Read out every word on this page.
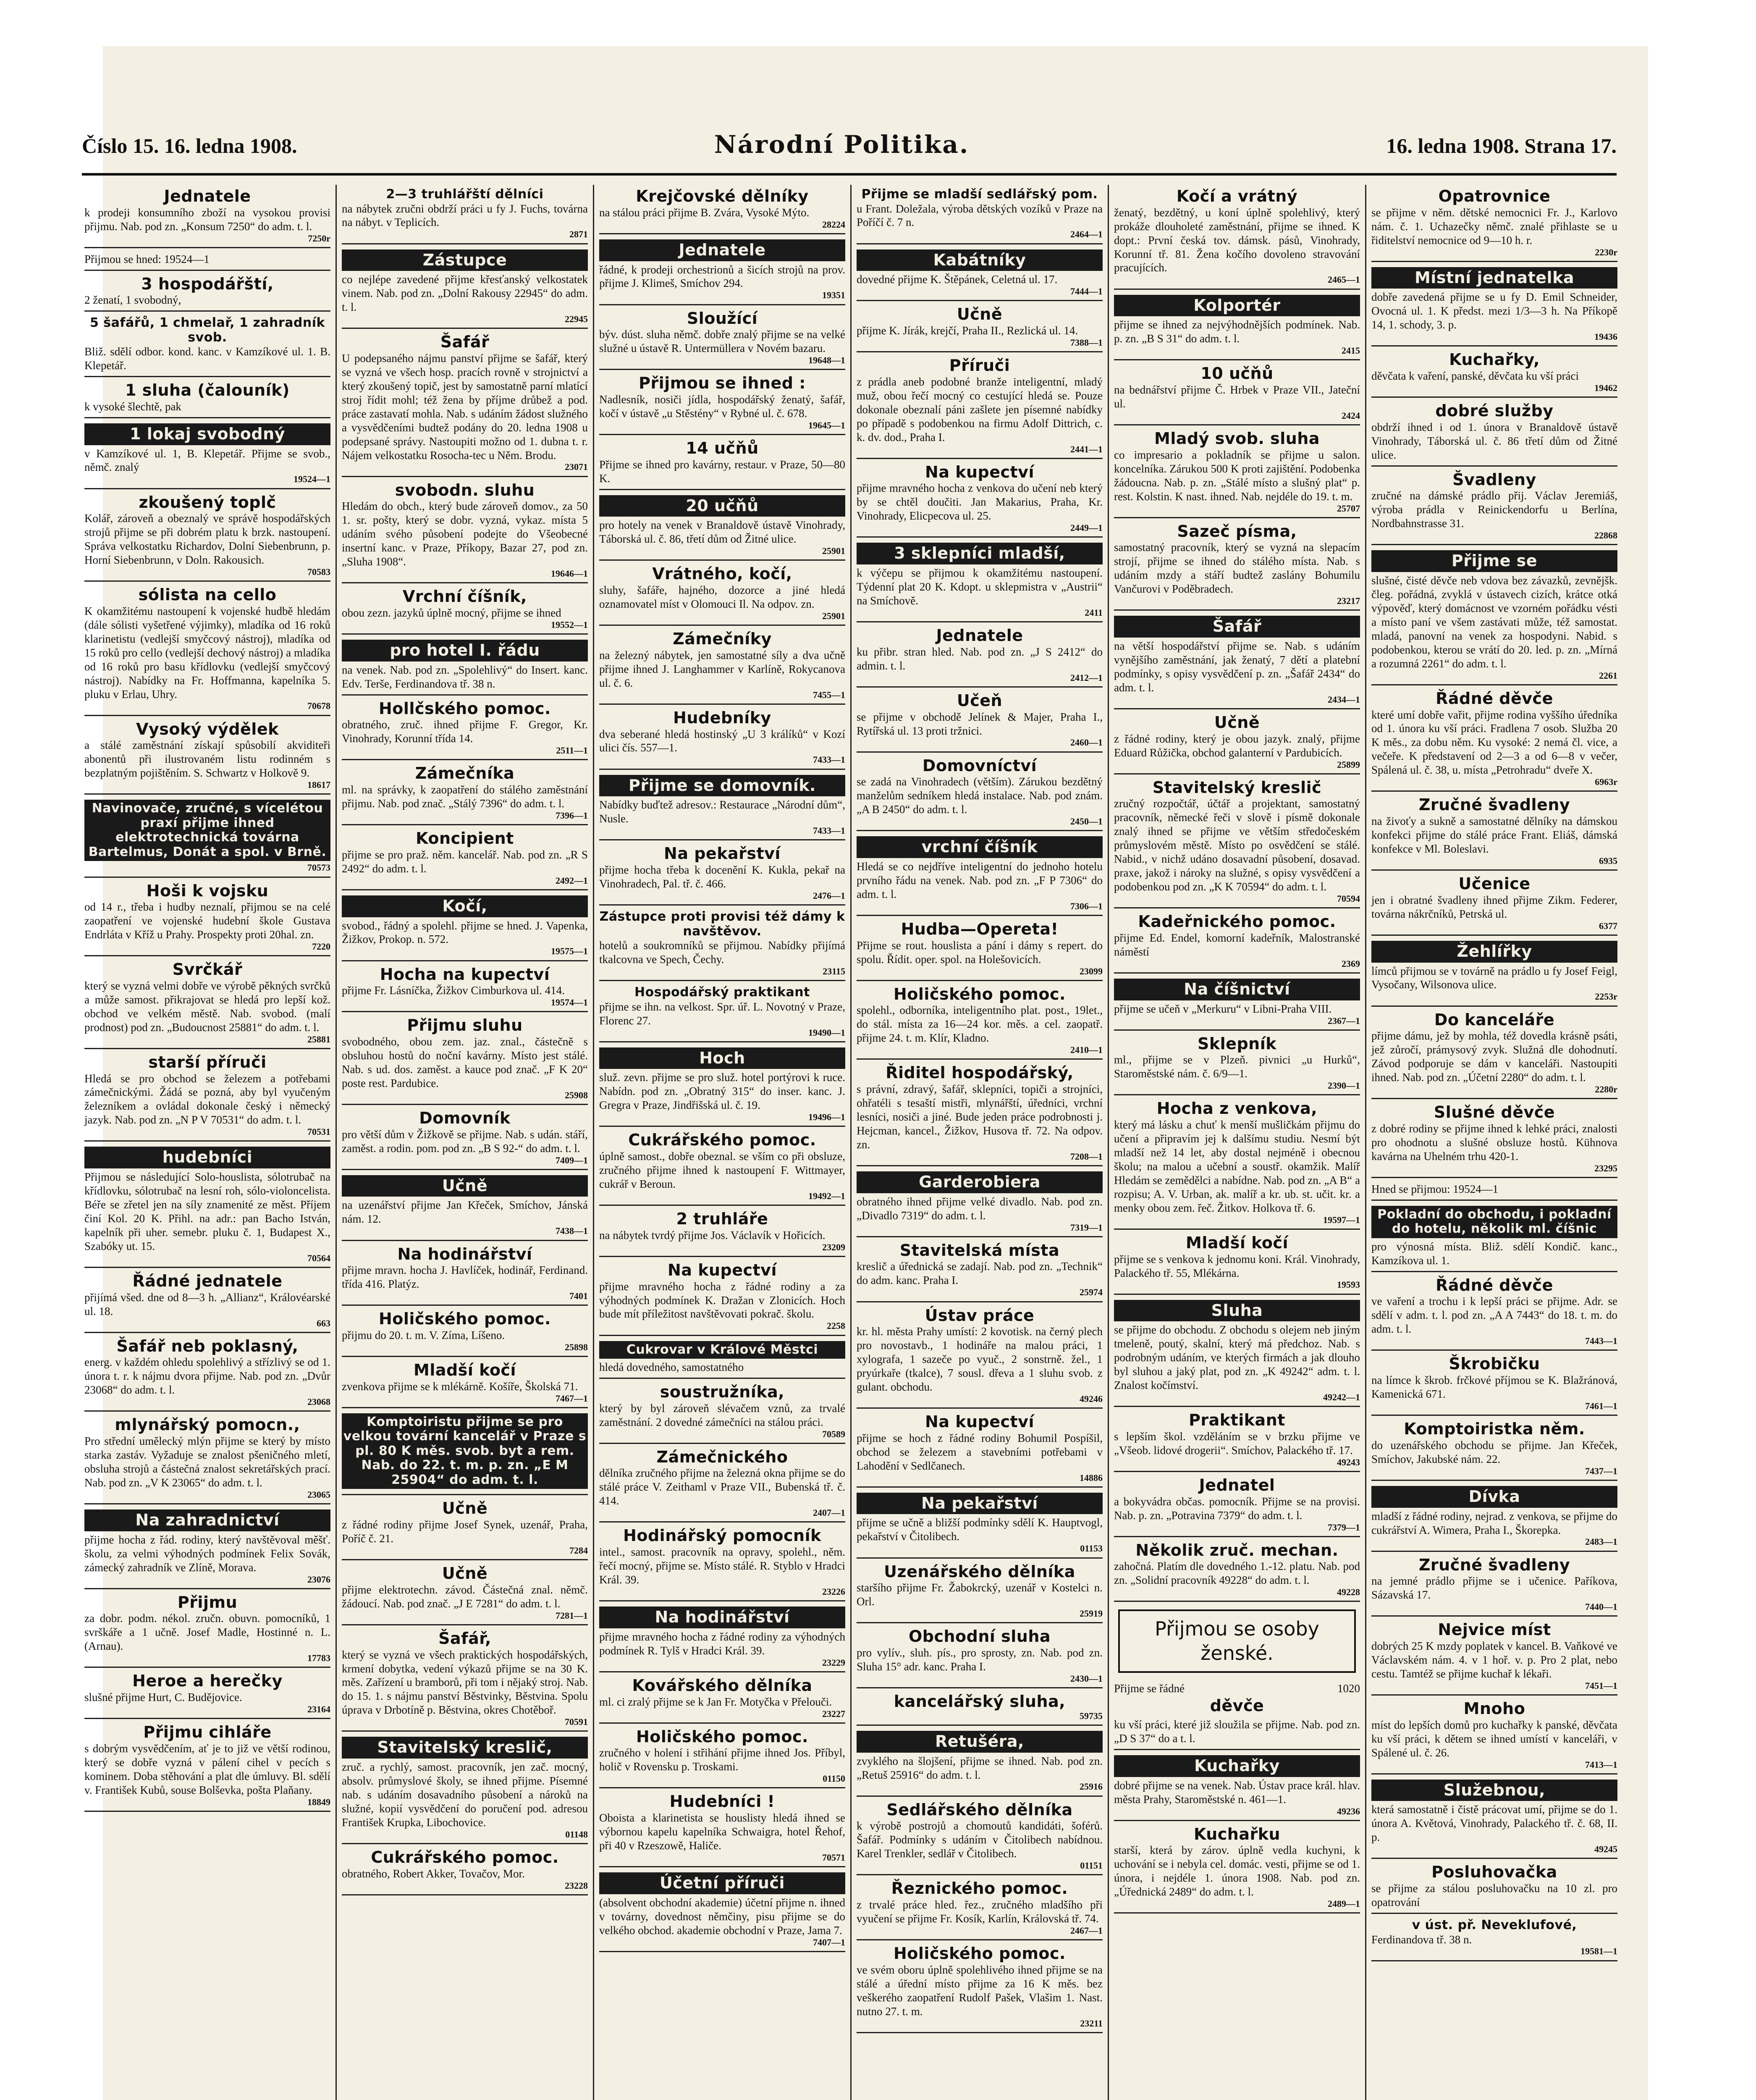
Číslo 15. 16. ledna 1908.	Národní Politika.	16. ledna 1908. Strana 17.
Jednatele
k prodeji konsumního zboží na vysokou provisi přijmu. Nab. pod zn. „Konsum 7250“ do adm. t. l.
7250r
Přijmou se hned: 19524—1
3 hospodářští,
2 ženatí, 1 svobodný,
5 šafářů, 1 chmelař, 1 zahradník svob.
Bliž. sdělí odbor. kond. kanc. v Kamzíkové ul. 1. B. Klepetář.
1 sluha (čalouník)
k vysoké šlechtě, pak
1 lokaj svobodný
v Kamzíkové ul. 1, B. Klepetář. Přijme se svob., němč. znalý
19524—1
zkoušený toplč
Kolář, zároveň a obeznalý ve správě hospodářských strojů přijme se při dobrém platu k brzk. nastoupení. Správa velkostatku Richardov, Dolní Siebenbrunn, p. Horní Siebenbrunn, v Doln. Rakousich.
70583
sólista na cello
K okamžitému nastoupení k vojenské hudbě hledám (dále sólisti vyšetřené výjimky), mladíka od 16 roků klarinetistu (vedlejší smyčcový nástroj), mladíka od 15 roků pro cello (vedlejší dechový nástroj) a mladíka od 16 roků pro basu křídlovku (vedlejší smyčcový nástroj). Nabídky na Fr. Hoffmanna, kapelníka 5. pluku v Erlau, Uhry.
70678
Vysoký výdělek
a stálé zaměstnání získají spůsobilí akviditeři abonentů při ilustrovaném listu rodinném s bezplatným pojištěním. S. Schwartz v Holkově 9.
18617
Navinovače, zručné, s vícelétou praxí přijme ihned elektrotechnická továrna Bartelmus, Donát a spol. v Brně.
70573
Hoši k vojsku
od 14 r., třeba i hudby neznalí, přijmou se na celé zaopatření ve vojenské hudební škole Gustava Endrláta v Kříž u Prahy. Prospekty proti 20hal. zn.
7220
Svrčkář
který se vyzná velmi dobře ve výrobě pěkných svrčků a může samost. přikrajovat se hledá pro lepší kož. obchod ve velkém městě. Nab. svobod. (malí prodnost) pod zn. „Budoucnost 25881“ do adm. t. l.
25881
starší příruči
Hledá se pro obchod se železem a potřebami zámečnickými. Žádá se pozná, aby byl vyučeným železníkem a ovládal dokonale český i německý jazyk. Nab. pod zn. „N P V 70531“ do adm. t. l.
70531
hudebníci
Přijmou se následující Solo-houslista, sólotrubač na křídlovku, sólotrubač na lesní roh, sólo-violoncelista. Béře se zřetel jen na síly znamenité ze měst. Příjem činí Kol. 20 K. Přihl. na adr.: pan Bacho István, kapelník při uher. semebr. pluku č. 1, Budapest X., Szabóky ut. 15.
70564
Řádné jednatele
přijímá všed. dne od 8—3 h. „Allianz“, Královéarské ul. 18.
663
Šafář neb poklasný,
energ. v každém ohledu spolehlivý a střízlivý se od 1. února t. r. k nájmu dvora přijme. Nab. pod zn. „Dvůr 23068“ do adm. t. l.
23068
mlynářský pomocn.,
Pro střední umělecký mlýn přijme se který by místo starka zastáv. Vyžaduje se znalost pšeničného mletí, obsluha strojů a částečná znalost sekretářských prací. Nab. pod zn. „V K 23065“ do adm. t. l.
23065
Na zahradnictví
přijme hocha z řád. rodiny, který navštěvoval měšť. školu, za velmi výhodných podmínek Felix Sovák, zámecký zahradník ve Zlíně, Morava.
23076
Přijmu
za dobr. podm. nékol. zručn. obuvn. pomocníků, 1 svrškáře a 1 učně. Josef Madle, Hostinné n. L. (Arnau).
17783
Heroe a herečky
slušné přijme Hurt, C. Budějovice.
23164
Přijmu cihláře
s dobrým vysvědčením, ať je to již ve větší rodinou, který se dobře vyzná v pálení cihel v pecích s kominem. Doba stěhování a plat dle úmluvy. Bl. sdělí v. František Kubů, souse Bolševka, pošta Plaňany.
18849
2—3 truhlářští dělníci
na nábytek zručni obdrží práci u fy J. Fuchs, továrna na nábyt. v Teplicích.
2871
Zástupce
co nejlépe zavedené přijme křesťanský velkostatek vinem. Nab. pod zn. „Dolní Rakousy 22945“ do adm. t. l.
22945
Šafář
U podepsaného nájmu panství přijme se šafář, který se vyzná ve všech hosp. pracích rovně v strojnictví a který zkoušený topič, jest by samostatně parní mlatící stroj řídit mohl; též žena by příjme drůbež a pod. práce zastavatí mohla. Nab. s udáním žádost služného a vysvědčeními budtež podány do 20. ledna 1908 u podepsané správy. Nastoupiti možno od 1. dubna t. r. Nájem velkostatku Rosocha-tec u Něm. Brodu.
23071
svobodn. sluhu
Hledám do obch., který bude zároveň domov., za 50 1. sr. pošty, který se dobr. vyzná, vykaz. místa 5 udáním svého působení podejte do Všeobecné insertní kanc. v Praze, Příkopy, Bazar 27, pod zn. „Sluha 1908“.
19646—1
Vrchní číšník,
obou zezn. jazyků úplně mocný, přijme se ihned
19552—1
pro hotel I. řádu
na venek. Nab. pod zn. „Spolehlivý“ do Insert. kanc. Edv. Terše, Ferdinandova tř. 38 n.
Hollčského pomoc.
obratného, zruč. ihned přijme F. Gregor, Kr. Vinohrady, Korunní třída 14.
2511—1
Zámečníka
ml. na správky, k zaopatření do stálého zaměstnání přijmu. Nab. pod znač. „Stálý 7396“ do adm. t. l.
7396—1
Koncipient
přijme se pro praž. něm. kancelář. Nab. pod zn. „R S 2492“ do adm. t. l.
2492—1
Kočí,
svobod., řádný a spolehl. přijme se hned. J. Vapenka, Žižkov, Prokop. n. 572.
19575—1
Hocha na kupectví
přijme Fr. Lásníčka, Žižkov Cimburkova ul. 414.
19574—1
Přijmu sluhu
svobodného, obou zem. jaz. znal., částečně s obsluhou hostů do noční kavárny. Místo jest stálé. Nab. s ud. dos. zaměst. a kauce pod znač. „F K 20“ poste rest. Pardubice.
25908
Domovník
pro větší dům v Žižkově se přijme. Nab. s udán. stáří, zaměst. a rodin. pom. pod zn. „B S 92-“ do adm. t. l.
7409—1
Učně
na uzenářství přijme Jan Křeček, Smíchov, Jánská nám. 12.
7438—1
Na hodinářství
přijme mravn. hocha J. Havlíček, hodinář, Ferdinand. třída 416. Platýz.
7401
Holičského pomoc.
přijmu do 20. t. m. V. Zíma, Líšeno.
25898
Mladší kočí
zvenkova přijme se k mlékárně. Košíře, Školská 71.
7467—1
Komptoiristu přijme se pro velkou tovární kancelář v Praze s pl. 80 K měs. svob. byt a rem. Nab. do 22. t. m. p. zn. „E M 25904“ do adm. t. l.
Učně
z řádné rodiny přijme Josef Synek, uzenář, Praha, Poříč č. 21.
7284
Učně
přijme elektrotechn. závod. Částečná znal. němč. žádoucí. Nab. pod znač. „J E 7281“ do adm. t. l.
7281—1
Šafář,
který se vyzná ve všech praktických hospodářských, krmení dobytka, vedení výkazů přijme se na 30 K. měs. Zařízení u bramborů, při tom i nějaký stroj. Nab. do 15. 1. s nájmu panství Běstvinky, Běstvina. Spolu úprava v Drbotíně p. Běstvina, okres Chotěboř.
70591
Stavitelský kreslič,
zruč. a rychlý, samost. pracovník, jen zač. mocný, absolv. průmyslové školy, se ihned přijme. Písemné nab. s udáním dosavadního působení a nároků na služné, kopií vysvědčení do poručení pod. adresou František Krupka, Libochovice.
01148
Cukrářského pomoc.
obratného, Robert Akker, Tovačov, Mor.
23228
Krejčovské dělníky
na stálou práci přijme B. Zvára, Vysoké Mýto.
28224
Jednatele
řádné, k prodeji orchestrionů a šicích strojů na prov. přijme J. Klimeš, Smíchov 294.
19351
Sloužící
býv. dúst. sluha němč. dobře znalý přijme se na velké služné u ústavě R. Untermüllera v Novém bazaru.
19648—1
Přijmou se ihned :
Nadlesník, nosiči jídla, hospodářský ženatý, šafář, kočí v ústavě „u Stěstény“ v Rybné ul. č. 678.
19645—1
14 učňů
Přijme se ihned pro kavárny, restaur. v Praze, 50—80 K.
20 učňů
pro hotely na venek v Branaldově ústavě Vinohrady, Táborská ul. č. 86, třetí dům od Žitné ulice.
25901
Vrátného, kočí,
sluhy, šafáře, hajného, dozorce a jiné hledá oznamovatel míst v Olomouci Il. Na odpov. zn.
25901
Zámečníky
na železný nábytek, jen samostatné síly a dva učně přijme ihned J. Langhammer v Karlíně, Rokycanova ul. č. 6.
7455—1
Hudebníky
dva seberané hledá hostinský „U 3 králíků“ v Kozí ulici čís. 557—1.
7433—1
Přijme se domovník.
Nabídky buďtež adresov.: Restaurace „Národní dům“, Nusle.
7433—1
Na pekařství
přijme hocha třeba k docenění K. Kukla, pekař na Vinohradech, Pal. tř. č. 466.
2476—1
Zástupce proti provisi též dámy k navštěvov.
hotelů a soukromníků se přijmou. Nabídky přijímá tkalcovna ve Spech, Čechy.
23115
Hospodářský praktikant
přijme se ihn. na velkost. Spr. úř. L. Novotný v Praze, Florenc 27.
19490—1
Hoch
služ. zevn. přijme se pro služ. hotel portýrovi k ruce. Nabídn. pod zn. „Obratný 315“ do inser. kanc. J. Gregra v Praze, Jindřišská ul. č. 19.
19496—1
Cukrářského pomoc.
úplně samost., dobře obeznal. se vším co při obsluze, zručného přijme ihned k nastoupení F. Wittmayer, cukrář v Beroun.
19492—1
2 truhláře
na nábytek tvrdý přijme Jos. Václavík v Hořicích.
23209
Na kupectví
přijme mravného hocha z řádné rodiny a za výhodných podmínek K. Dražan v Zlonicích. Hoch bude mít příležitost navštěvovati pokrač. školu.
2258
Cukrovar v Králové Městci
hledá dovedného, samostatného
soustružníka,
který by byl zároveň slévačem vznů, za trvalé zaměstnání. 2 dovedné zámečníci na stálou práci.
70589
Zámečnického
dělníka zručného přijme na železná okna přijme se do stálé práce V. Zeithaml v Praze VII., Bubenská tř. č. 414.
2407—1
Hodinářský pomocník
intel., samost. pracovník na opravy, spolehl., něm. řečí mocný, přijme se. Místo stálé. R. Styblo v Hradci Král. 39.
23226
Na hodinářství
přijme mravného hocha z řádné rodiny za výhodných podmínek R. Tylš v Hradci Král. 39.
23229
Kovářského dělníka
ml. ci zralý přijme se k Jan Fr. Motyčka v Přelouči.
23227
Holičského pomoc.
zručného v holení i střihání přijme ihned Jos. Příbyl, holič v Rovensku p. Troskami.
01150
Hudebníci !
Oboista a klarinetista se houslisty hledá ihned se výbornou kapelu kapelníka Schwaigra, hotel Řehof, při 40 v Rzeszowě, Haliče.
70571
Účetní příruči
(absolvent obchodní akademie) účetní přijme n. ihned v továrny, dovednost němčiny, pisu přijme se do velkého obchod. akademie obchodní v Praze, Jama 7.
7407—1
Přijme se mladší sedlářský pom.
u Frant. Doležala, výroba dětských vozíků v Praze na Poříčí č. 7 n.
2464—1
Kabátníky
dovedné přijme K. Štěpánek, Celetná ul. 17.
7444—1
Učně
přijme K. Jírák, krejčí, Praha II., Rezlická ul. 14.
7388—1
Příruči
z prádla aneb podobné branže inteligentní, mladý muž, obou řečí mocný co cestující hledá se. Pouze dokonale obeznalí páni zašlete jen písemné nabídky po případě s podobenkou na firmu Adolf Dittrich, c. k. dv. dod., Praha I.
2441—1
Na kupectví
přijme mravného hocha z venkova do učení neb který by se chtěl doučiti. Jan Makarius, Praha, Kr. Vinohrady, Elicpecova ul. 25.
2449—1
3 sklepníci mladší,
k výčepu se přijmou k okamžitému nastoupení. Týdenní plat 20 K. Kdopt. u sklepmistra v „Austrii“ na Smíchově.
2411
Jednatele
ku přibr. stran hled. Nab. pod zn. „J S 2412“ do admin. t. l.
2412—1
Učeň
se přijme v obchodě Jelínek & Majer, Praha I., Rytířská ul. 13 proti tržnici.
2460—1
Domovníctví
se zadá na Vinohradech (větším). Zárukou bezdětný manželům sedníkem hledá instalace. Nab. pod znám. „A B 2450“ do adm. t. l.
2450—1
vrchní číšník
Hledá se co nejdříve inteligentní do jednoho hotelu prvního řádu na venek. Nab. pod zn. „F P 7306“ do adm. t. l.
7306—1
Hudba—Opereta!
Přijme se rout. houslista a pání i dámy s repert. do spolu. Řídit. oper. spol. na Holešovicích.
23099
Holičského pomoc.
spolehl., odborníka, inteligentního plat. post., 19let., do stál. místa za 16—24 kor. měs. a cel. zaopatř. přijme 24. t. m. Klír, Kladno.
2410—1
Řiditel hospodářský,
s právní, zdravý, šafář, sklepníci, topiči a strojníci, ohřatéli s tesaští mistři, mlynářští, úředníci, vrchní lesníci, nosiči a jiné. Bude jeden práce podrobnosti j. Hejcman, kancel., Žižkov, Husova tř. 72. Na odpov. zn.
7208—1
Garderobiera
obratného ihned přijme velké divadlo. Nab. pod zn. „Divadlo 7319“ do adm. t. l.
7319—1
Stavitelská místa
kreslič a úřednická se zadají. Nab. pod zn. „Technik“ do adm. kanc. Praha I.
25974
Ústav práce
kr. hl. města Prahy umístí: 2 kovotisk. na černý plech pro novostavb., 1 hodináře na malou práci, 1 xylografa, 1 sazeče po vyuč., 2 sonstrně. žel., 1 pryúrkaře (tkalce), 7 sousl. dřeva a 1 sluhu svob. z gulant. obchodu.
49246
Na kupectví
přijme se hoch z řádné rodiny Bohumil Pospíšil, obchod se železem a stavebními potřebami v Lahodění v Sedlčanech.
14886
Na pekařství
přijme se učně a bližší podmínky sdělí K. Hauptvogl, pekařství v Čitolibech.
01153
Uzenářského dělníka
staršího přijme Fr. Žabokrcký, uzenář v Kostelci n. Orl.
25919
Obchodní sluha
pro vylív., sluh. pís., pro sprosty, zn. Nab. pod zn. Sluha 15° adr. kanc. Praha I.
2430—1
kancelářský sluha,
59735
Retušéra,
zvyklého na šlojšení, přijme se ihned. Nab. pod zn. „Retuš 25916“ do adm. t. l.
25916
Sedlářského dělníka
k výrobě postrojů a chomoutů kandidáti, šoférů. Šafář. Podmínky s udáním v Čitolibech nabídnou. Karel Trenkler, sedlář v Čitolibech.
01151
Řeznického pomoc.
z trvalé práce hled. řez., zručného mladšího při vyučení se přijme Fr. Kosík, Karlín, Královská tř. 74.
2467—1
Holičského pomoc.
ve svém oboru úplně spolehlivého ihned přijme se na stálé a úřední místo přijme za 16 K měs. bez veškerého zaopatření Rudolf Pašek, Vlašim 1. Nast. nutno 27. t. m.
23211
Kočí a vrátný
ženatý, bezdětný, u koní úplně spolehlivý, který prokáže dlouholeté zaměstnání, přijme se ihned. K dopt.: První česká tov. dámsk. pásů, Vinohrady, Korunní tř. 81. Žena kočího dovoleno stravování pracujících.
2465—1
Kolportér
přijme se ihned za nejvýhodnějších podmínek. Nab. p. zn. „B S 31“ do adm. t. l.
2415
10 učňů
na bednářství přijme Č. Hrbek v Praze VII., Jateční ul.
2424
Mladý svob. sluha
co impresario a pokladník se přijme u salon. koncelníka. Zárukou 500 K proti zajištění. Podobenka žádoucna. Nab. p. zn. „Stálé místo a slušný plat“ p. rest. Kolstin. K nast. ihned. Nab. nejdéle do 19. t. m.
25707
Sazeč písma,
samostatný pracovník, který se vyzná na slepacím strojí, přijme se ihned do stálého místa. Nab. s udáním mzdy a stáří budtež zaslány Bohumilu Vančurovi v Poděbradech.
23217
Šafář
na větší hospodářství přijme se. Nab. s udáním vynějšího zaměstnání, jak ženatý, 7 dětí a platební podmínky, s opisy vysvědčení p. zn. „Šafář 2434“ do adm. t. l.
2434—1
Učně
z řádné rodiny, který je obou jazyk. znalý, přijme Eduard Růžička, obchod galanterní v Pardubicích.
25899
Stavitelský kreslič
zručný rozpočtář, účtář a projektant, samostatný pracovník, německé řeči v slově i písmě dokonale znalý ihned se přijme ve větším středočeském průmyslovém městě. Místo po osvědčení se stálé. Nabid., v nichž udáno dosavadní působení, dosavad. praxe, jakož i nároky na služné, s opisy vysvědčení a podobenkou pod zn. „K K 70594“ do adm. t. l.
70594
Kadeřnického pomoc.
přijme Ed. Endel, komorní kadeřník, Malostranské náměstí
2369
Na číšnictví
přijme se učeň v „Merkuru“ v Libni-Praha VIII.
2367—1
Sklepník
ml., přijme se v Plzeň. pivnici „u Hurků“, Staroměstské nám. č. 6/9—1.
2390—1
Hocha z venkova,
který má lásku a chuť k menší mušličkám přijmu do učení a připravím jej k dalšímu studiu. Nesmí být mladší než 14 let, aby dostal nejméně i obecnou školu; na malou a učební a soustř. okamžik. Malíř Hledám se zemědělci a nabídne. Nab. pod zn. „A B“ a rozpisu; A. V. Urban, ak. malíř a kr. ub. st. učit. kr. a menky obou zem. řeč. Žitkov. Holkova tř. 6.
19597—1
Mladší kočí
přijme se s venkova k jednomu koni. Král. Vinohrady, Palackého tř. 55, Mlékárna.
19593
Sluha
se přijme do obchodu. Z obchodu s olejem neb jiným tmeleně, poutý, skalní, který má předchoz. Nab. s podrobným udáním, ve kterých firmách a jak dlouho byl sluhou a jaký plat, pod zn. „K 49242“ adm. t. l. Znalost kočímství.
49242—1
Praktikant
s lepším škol. vzděláním se v brzku přijme ve „Všeob. lidové drogerii“. Smíchov, Palackého tř. 17.
49243
Jednatel
a bokyvádra občas. pomocník. Přijme se na provisi. Nab. p. zn. „Potravina 7379“ do adm. t. l.
7379—1
Několik zruč. mechan.
zahočná. Platím dle dovedného 1.-12. platu. Nab. pod zn. „Solidní pracovník 49228“ do adm. t. l.
49228
Přijmou se osoby ženské.
Přijme se řádné	1020
děvče
ku vší práci, které již sloužila se přijme. Nab. pod zn. „D S 37“ do a t. l.
Kuchařky
dobré přijme se na venek. Nab. Ústav prace král. hlav. města Prahy, Staroměstské n. 461—1.
49236
Kuchařku
starší, která by zárov. úplně vedla kuchyni, k uchování se i nebyla cel. domác. vesti, přijme se od 1. února, i nejdéle 1. února 1908. Nab. pod zn. „Úřednická 2489“ do adm. t. l.
2489—1
Opatrovnice
se přijme v něm. dětské nemocnici Fr. J., Karlovo nám. č. 1. Uchazečky němč. znalé přihlaste se u řiditelství nemocnice od 9—10 h. r.
2230r
Místní jednatelka
dobře zavedená přijme se u fy D. Emil Schneider, Ovocná ul. 1. K předst. mezi 1/3—3 h. Na Příkopě 14, 1. schody, 3. p.
19436
Kuchařky,
děvčata k vaření, panské, děvčata ku vší práci
19462
dobré služby
obdrží ihned i od 1. února v Branaldově ústavě Vinohrady, Táborská ul. č. 86 třetí dům od Žitné ulice.
Švadleny
zručné na dámské prádlo přij. Václav Jeremiáš, výroba prádla v Reinickendorfu u Berlína, Nordbahnstrasse 31.
22868
Přijme se
slušné, čisté děvče neb vdova bez závazků, zevnějšk. čleg. pořádná, zvyklá v ústavech cizích, krátce otká výpověď, který domácnost ve vzorném pořádku vésti a místo paní ve všem zastávati může, též samostat. mladá, panovní na venek za hospodyni. Nabid. s podobenkou, kterou se vrátí do 20. led. p. zn. „Mírná a rozumná 2261“ do adm. t. l.
2261
Řádné děvče
které umí dobře vařit, přijme rodina vyššího úředníka od 1. února ku vší práci. Fradlena 7 osob. Služba 20 K měs., za dobu něm. Ku vysoké: 2 nemá čl. vice, a večeře. K představení od 2—3 a od 6—8 v večer, Spálená ul. č. 38, u. místa „Petrohradu“ dveře X.
6963r
Zručné švadleny
na živoťy a sukně a samostatné dělníky na dámskou konfekci přijme do stálé práce Frant. Eliáš, dámská konfekce v Ml. Boleslavi.
6935
Učenice
jen i obratné švadleny ihned přijme Zikm. Federer, továrna nákrčníků, Petrská ul.
6377
Žehlířky
límců přijmou se v továrně na prádlo u fy Josef Feigl, Vysočany, Wilsonova ulice.
2253r
Do kanceláře
přijme dámu, jež by mohla, též dovedla krásně psáti, jež zůročí, prámysový zvyk. Služná dle dohodnutí. Závod podporuje se dám v kanceláři. Nastoupiti ihned. Nab. pod zn. „Účetní 2280“ do adm. t. l.
2280r
Slušné děvče
z dobré rodiny se přijme ihned k lehké práci, znalosti pro ohodnotu a slušné obsluze hostů. Kühnova kavárna na Uhelném trhu 420-1.
23295
Hned se přijmou: 19524—1
Pokladní do obchodu, i pokladní do hotelu, několik ml. číšnic
pro výnosná místa. Bliž. sdělí Kondič. kanc., Kamzíkova ul. 1.
Řádné děvče
ve vaření a trochu i k lepší práci se přijme. Adr. se sdělí v adm. t. l. pod zn. „A A 7443“ do 18. t. m. do adm. t. l.
7443—1
Škrobičku
na límce k škrob. frčkové příjmou se K. Blažránová, Kamenická 671.
7461—1
Komptoiristka něm.
do uzenářského obchodu se přijme. Jan Křeček, Smíchov, Jakubské nám. 22.
7437—1
Dívka
mladší z řádné rodiny, nejrad. z venkova, se přijme do cukrářství A. Wimera, Praha I., Škorepka.
2483—1
Zručné švadleny
na jemné prádlo přijme se i učenice. Paříkova, Sázavská 17.
7440—1
Nejvice míst
dobrých 25 K mzdy poplatek v kancel. B. Vaňkové ve Václavském nám. 4. v 1 hoř. v. p. Pro 2 plat, nebo cestu. Tamtéž se přijme kuchař k lékaři.
7451—1
Mnoho
míst do lepších domů pro kuchařky k panské, děvčata ku vší práci, k dětem se ihned umístí v kanceláři, v Spálené ul. č. 26.
7413—1
Služebnou,
která samostatně i čistě prácovat umí, přijme se do 1. února A. Květová, Vinohrady, Palackého tř. č. 68, II. p.
49245
Posluhovačka
se přijme za stálou posluhovačku na 10 zl. pro opatrování
v úst. př. Neveklufové,
Ferdinandova tř. 38 n.
19581—1
